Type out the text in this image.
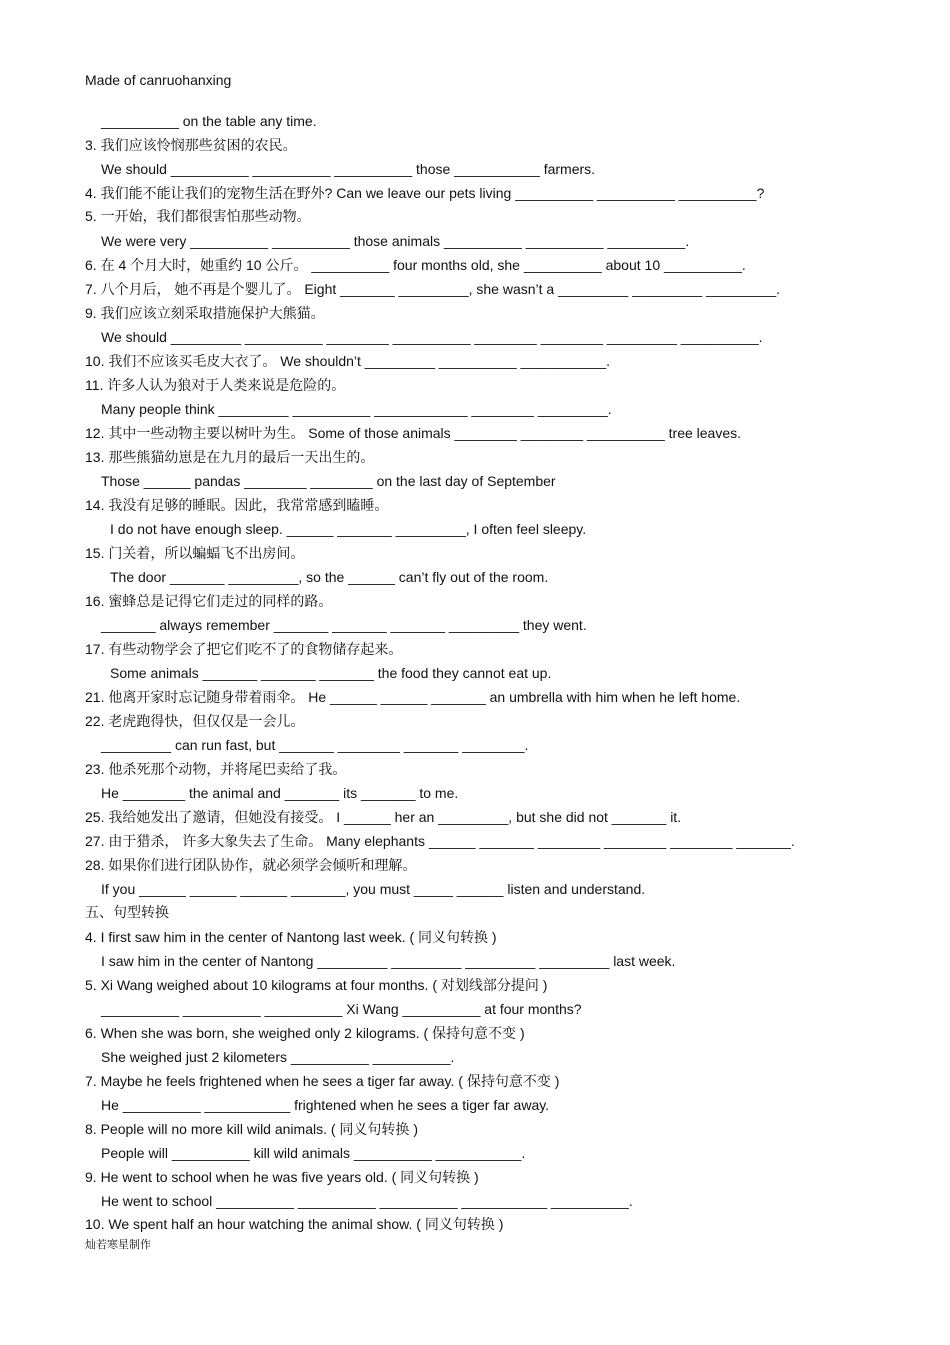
Made of canruohanxing
__________ on the table any time.
3. 我们应该怜悯那些贫困的农民。
We should __________ __________ __________ those ___________ farmers.
4. 我们能不能让我们的宠物生活在野外? Can we leave our pets living __________ __________ __________?
5. 一开始，我们都很害怕那些动物。
We were very __________ __________ those animals __________ __________ __________.
6. 在 4 个月大时，她重约 10 公斤。 __________ four months old, she __________ about 10 __________.
7. 八个月后， 她不再是个婴儿了。 Eight _______ _________, she wasn’t a _________ _________ _________.
9. 我们应该立刻采取措施保护大熊猫。
We should _________ __________ ________ __________ ________ ________ _________ __________.
10. 我们不应该买毛皮大衣了。 We shouldn’t _________ __________ ___________.
11. 许多人认为狼对于人类来说是危险的。
Many people think _________ __________ ____________ ________ _________.
12. 其中一些动物主要以树叶为生。 Some of those animals ________ ________ __________ tree leaves.
13. 那些熊猫幼崽是在九月的最后一天出生的。
Those ______ pandas ________ ________ on the last day of September
14. 我没有足够的睡眠。因此，我常常感到瞌睡。
I do not have enough sleep. ______ _______ _________, I often feel sleepy.
15. 门关着，所以蝙蝠飞不出房间。
The door _______ _________, so the ______ can’t fly out of the room.
16. 蜜蜂总是记得它们走过的同样的路。
_______ always remember _______ _______ _______ _________ they went.
17. 有些动物学会了把它们吃不了的食物储存起来。
Some animals _______ _______ _______ the food they cannot eat up.
21. 他离开家时忘记随身带着雨伞。 He ______ ______ _______ an umbrella with him when he left home.
22. 老虎跑得快，但仅仅是一会儿。
_________ can run fast, but _______ ________ _______ ________.
23. 他杀死那个动物，并将尾巴卖给了我。
He ________ the animal and _______ its _______ to me.
25. 我给她发出了邀请，但她没有接受。 I ______ her an _________, but she did not _______ it.
27. 由于猎杀， 许多大象失去了生命。 Many elephants ______ _______ ________ ________ ________ _______.
28. 如果你们进行团队协作，就必须学会倾听和理解。
If you ______ ______ ______ _______, you must _____ ______ listen and understand.
五、句型转换
4. I first saw him in the center of Nantong last week. ( 同义句转换 )
I saw him in the center of Nantong _________ _________ _________ _________ last week.
5. Xi Wang weighed about 10 kilograms at four months. ( 对划线部分提问 )
__________ __________ __________ Xi Wang __________ at four months?
6. When she was born, she weighed only 2 kilograms. ( 保持句意不变 )
She weighed just 2 kilometers __________ __________.
7. Maybe he feels frightened when he sees a tiger far away. ( 保持句意不变 )
He __________ ___________ frightened when he sees a tiger far away.
8. People will no more kill wild animals. ( 同义句转换 )
People will __________ kill wild animals __________ ___________.
9. He went to school when he was five years old. ( 同义句转换 )
He went to school __________ __________ __________ ___________ __________.
10. We spent half an hour watching the animal show. ( 同义句转换 )
灿若寒星制作
